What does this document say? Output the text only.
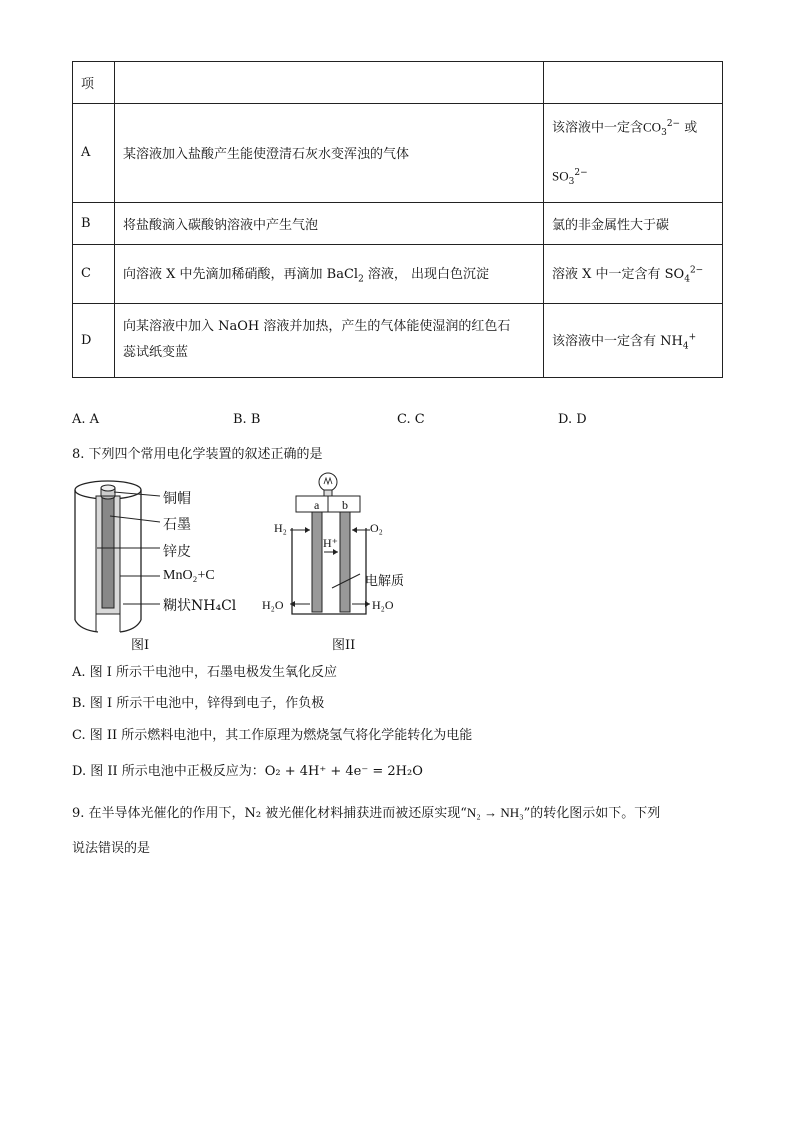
项		
A	某溶液加入盐酸产生能使澄清石灰水变浑浊的气体	该溶液中一定含$CO_3^{2-}$ 或
$SO_3^{2-}$
B	将盐酸滴入碳酸钠溶液中产生气泡	氯的非金属性大于碳
C	向溶液 X 中先滴加稀硝酸，再滴加 BaCl$_2$ 溶液， 出现白色沉淀	溶液 X 中一定含有 $SO_4^{2-}$
D	向某溶液中加入 NaOH 溶液并加热，产生的气体能使湿润的红色石
蕊试纸变蓝	该溶液中一定含有 $NH_4^+$
A. A	B. B	C. C	D. D
8. 下列四个常用电化学装置的叙述正确的是
铜帽
石墨
锌皮
MnO₂+C
糊状NH₄Cl
图I
a b
H₂	O₂
H⁺
电解质
H₂O	H₂O
图II
A. 图 I 所示干电池中，石墨电极发生氧化反应
B. 图 I 所示干电池中，锌得到电子，作负极
C. 图 II 所示燃料电池中，其工作原理为燃烧氢气将化学能转化为电能
D. 图 II 所示电池中正极反应为：O₂ + 4H⁺ + 4e⁻ = 2H₂O
9. 在半导体光催化的作用下，N₂ 被光催化材料捕获进而被还原实现“N₂ → NH₃”的转化图示如下。下列
说法错误的是
